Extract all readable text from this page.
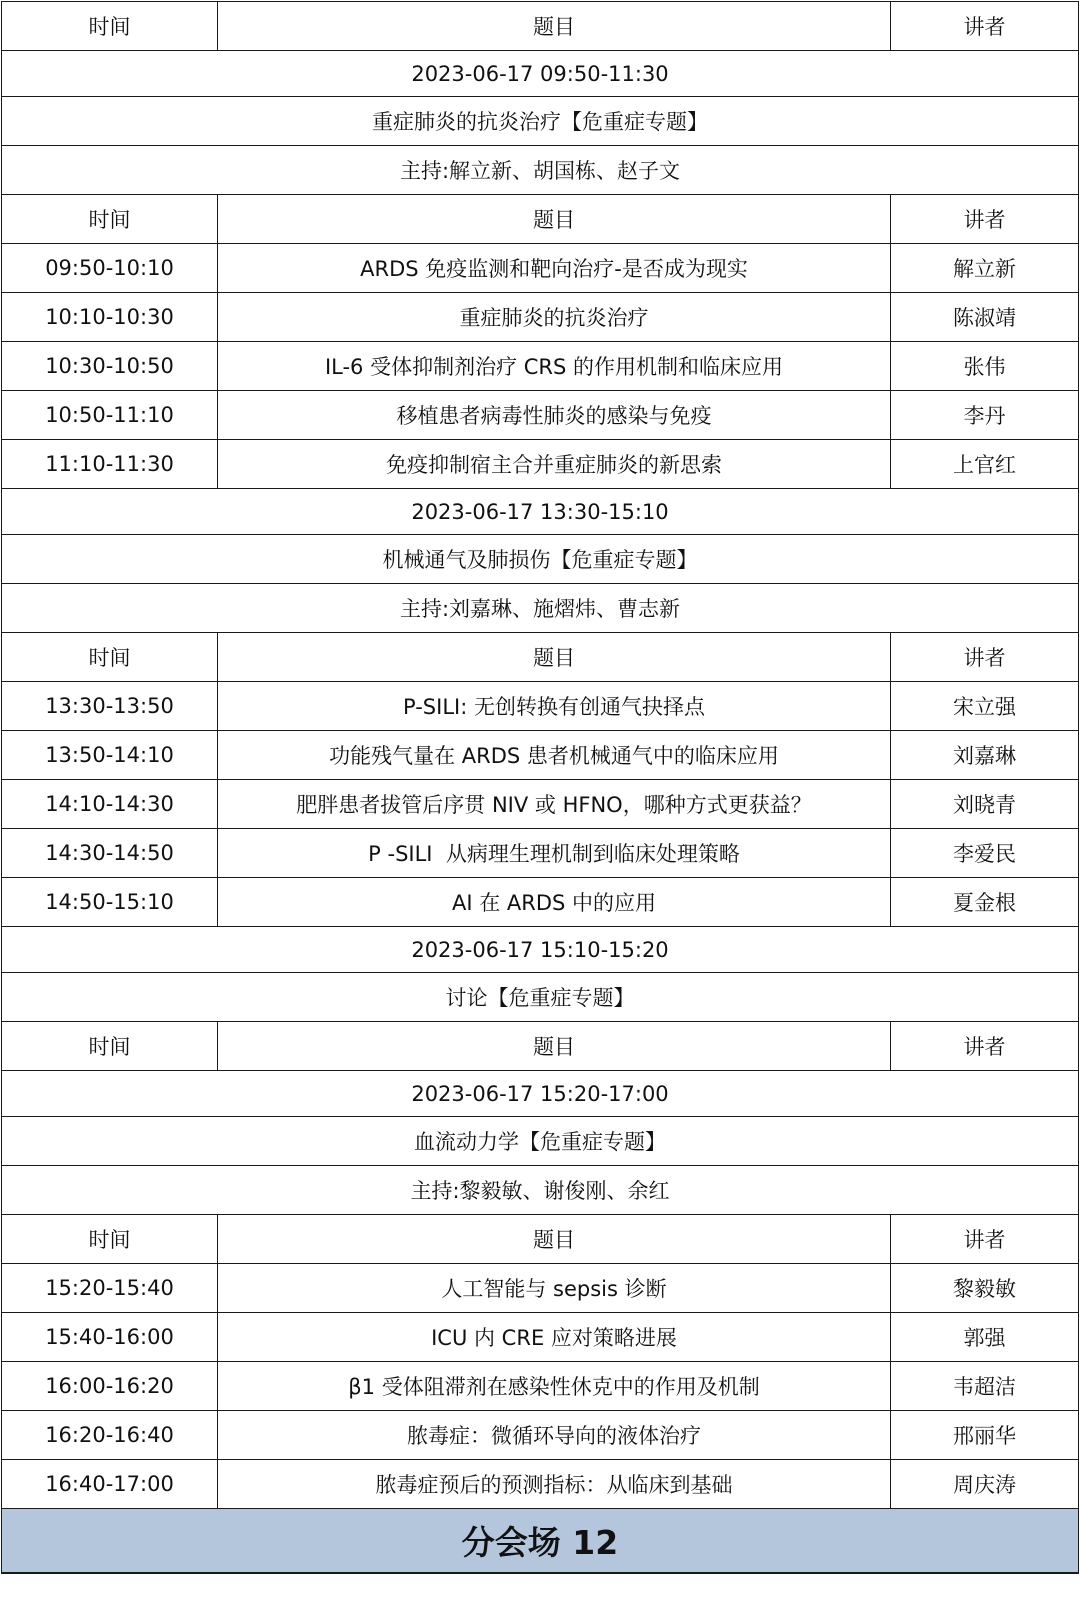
时间	题目	讲者
2023-06-17 09:50-11:30		
重症肺炎的抗炎治疗【危重症专题】		
主持:解立新、胡国栋、赵子文		
时间	题目	讲者
09:50-10:10	ARDS 免疫监测和靶向治疗-是否成为现实	解立新
10:10-10:30	重症肺炎的抗炎治疗	陈淑靖
10:30-10:50	IL-6 受体抑制剂治疗 CRS 的作用机制和临床应用	张伟
10:50-11:10	移植患者病毒性肺炎的感染与免疫	李丹
11:10-11:30	免疫抑制宿主合并重症肺炎的新思索	上官红
2023-06-17 13:30-15:10		
机械通气及肺损伤【危重症专题】		
主持:刘嘉琳、施熠炜、曹志新		
时间	题目	讲者
13:30-13:50	P-SILI: 无创转换有创通气抉择点	宋立强
13:50-14:10	功能残气量在 ARDS 患者机械通气中的临床应用	刘嘉琳
14:10-14:30	肥胖患者拔管后序贯 NIV 或 HFNO，哪种方式更获益？	刘晓青
14:30-14:50	P -SILI  从病理生理机制到临床处理策略	李爱民
14:50-15:10	AI 在 ARDS 中的应用	夏金根
2023-06-17 15:10-15:20		
讨论【危重症专题】		
时间	题目	讲者
2023-06-17 15:20-17:00		
血流动力学【危重症专题】		
主持:黎毅敏、谢俊刚、余红		
时间	题目	讲者
15:20-15:40	人工智能与 sepsis 诊断	黎毅敏
15:40-16:00	ICU 内 CRE 应对策略进展	郭强
16:00-16:20	β1 受体阻滞剂在感染性休克中的作用及机制	韦超洁
16:20-16:40	脓毒症：微循环导向的液体治疗	邢丽华
16:40-17:00	脓毒症预后的预测指标：从临床到基础	周庆涛
分会场 12		
